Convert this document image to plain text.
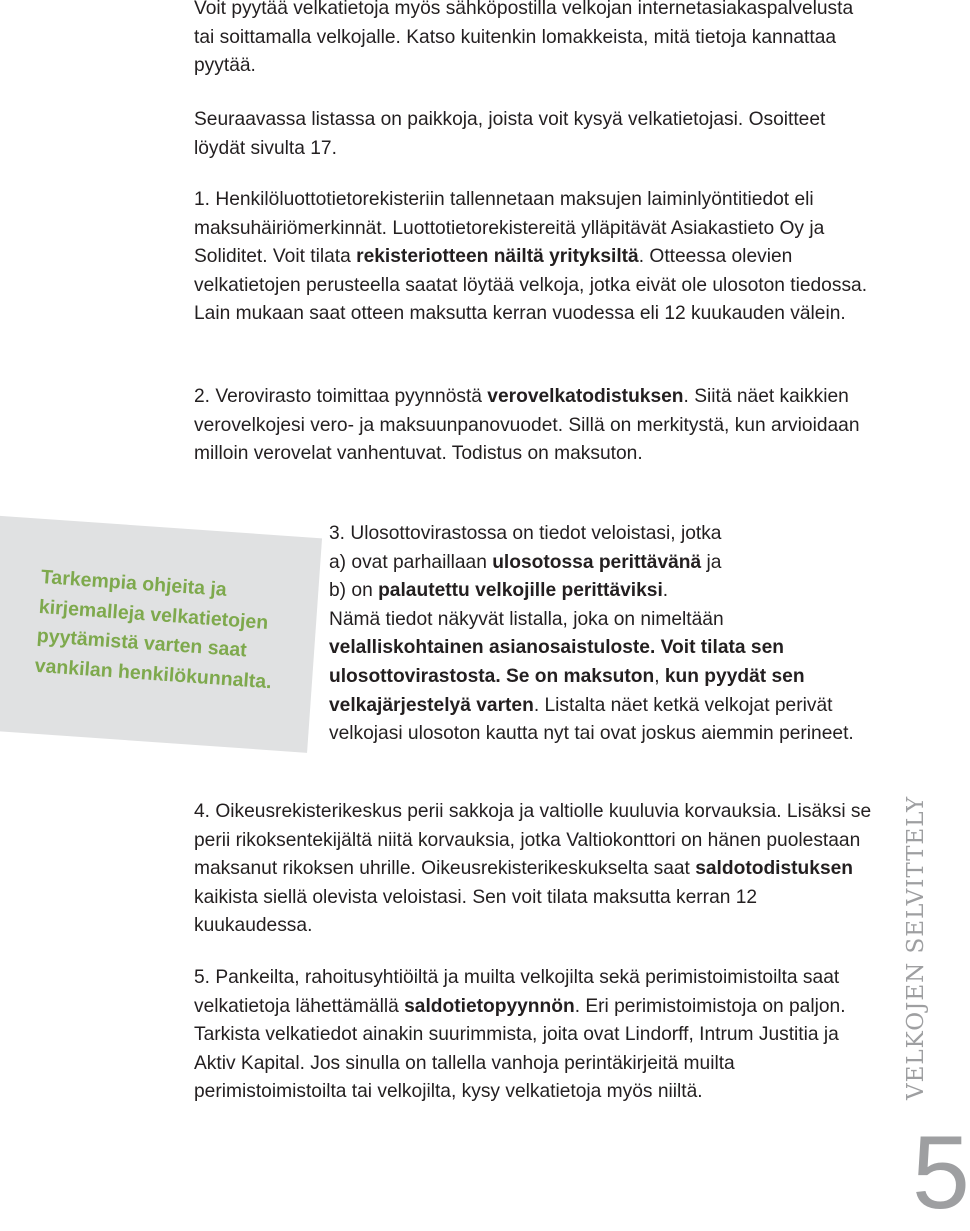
Voit pyytää velkatietoja myös sähköpostilla velkojan internetasiakaspalvelusta tai soittamalla velkojalle. Katso kuitenkin lomakkeista, mitä tietoja kannattaa pyytää.

Seuraavassa listassa on paikkoja, joista voit kysyä velkatietojasi. Osoitteet löydät sivulta 17.

1. Henkilöluottotietorekisteriin tallennetaan maksujen laiminlyöntitiedot eli maksuhäiriömerkinnät. Luottotietorekistereitä ylläpitävät Asiakastieto Oy ja Soliditet. Voit tilata rekisteriotteen näiltä yrityksiltä. Otteessa olevien velkatietojen perusteella saatat löytää velkoja, jotka eivät ole ulosoton tiedossa. Lain mukaan saat otteen maksutta kerran vuodessa eli 12 kuukauden välein.

2. Verovirasto toimittaa pyynnöstä verovelkatodistuksen. Siitä näet kaikkien verovelkojesi vero- ja maksuunpanovuodet. Sillä on merkitystä, kun arvioidaan milloin verovelat vanhentuvat. Todistus on maksuton.

Tarkempia ohjeita ja kirjemalleja velkatietojen pyytämistä varten saat vankilan henkilökunnalta.

3. Ulosottovirastossa on tiedot veloistasi, jotka
a) ovat parhaillaan ulosotossa perittävänä ja
b) on palautettu velkojille perittäviksi.
Nämä tiedot näkyvät listalla, joka on nimeltään velalliskohtainen asianosaistuloste. Voit tilata sen ulosottovirastosta. Se on maksuton, kun pyydät sen velkajärjestelyä varten. Listalta näet ketkä velkojat perivät velkojasi ulosoton kautta nyt tai ovat joskus aiemmin perineet.

4. Oikeusrekisterikeskus perii sakkoja ja valtiolle kuuluvia korvauksia. Lisäksi se perii rikoksentekijältä niitä korvauksia, jotka Valtiokonttori on hänen puolestaan maksanut rikoksen uhrille. Oikeusrekisterikeskukselta saat saldotodistuksen kaikista siellä olevista veloistasi. Sen voit tilata maksutta kerran 12 kuukaudessa.

5. Pankeilta, rahoitusyhtiöiltä ja muilta velkojilta sekä perimistoimistoilta saat velkatietoja lähettämällä saldotietopyynnön. Eri perimistoimistoja on paljon. Tarkista velkatiedot ainakin suurimmista, joita ovat Lindorff, Intrum Justitia ja Aktiv Kapital. Jos sinulla on tallella vanhoja perintäkirjeitä muilta perimistoimistoilta tai velkojilta, kysy velkatietoja myös niiltä.	VELKOJEN SELVITTELY
5
